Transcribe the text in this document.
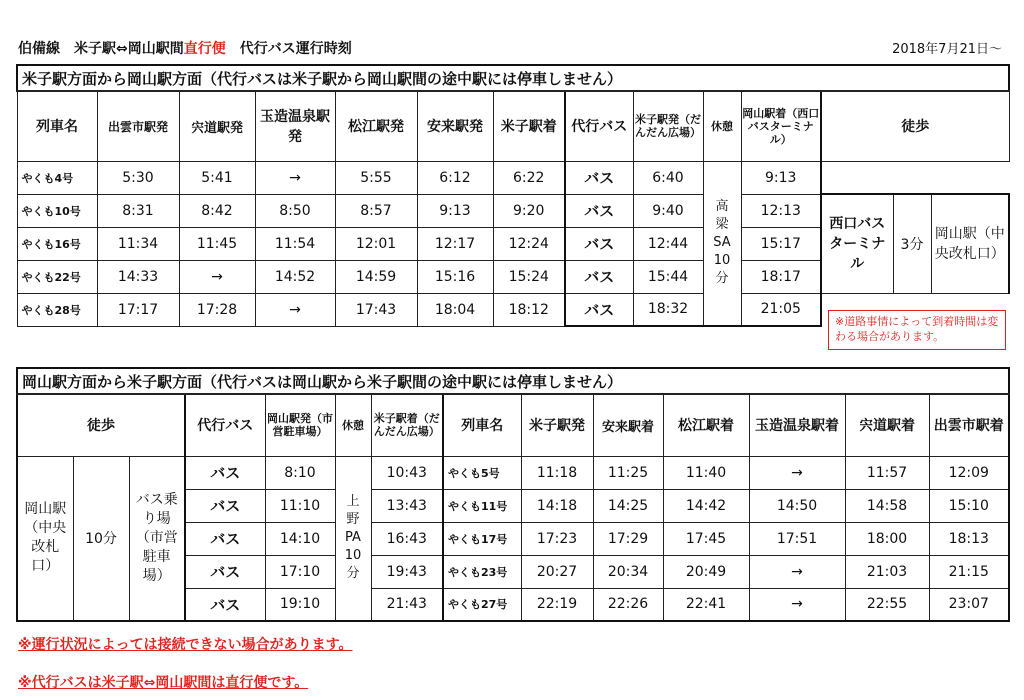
伯備線　米子駅⇔岡山駅間直行便　代行バス運行時刻	2018年7月21日～
米子駅方面から岡山駅方面（代行バスは米子駅から岡山駅間の途中駅には停車しません）													
列車名	出雲市駅発	宍道駅発	玉造温泉駅発	松江駅発	安来駅発	米子駅着	代行バス	米子駅発（だんだん広場）	休憩	岡山駅着（西口バスターミナル）	徒歩		
やくも4号	5:30	5:41	→	5:55	6:12	6:22	バス	6:40	高梁SA　10分	9:13			
やくも10号	8:31	8:42	8:50	8:57	9:13	9:20	バス	9:40		12:13	西口バスターミナル	3分	岡山駅（中央改札口）

やくも16号	11:34	11:45	11:54	12:01	12:17	12:24	バス	12:44		15:17			
やくも22号	14:33	→	14:52	14:59	15:16	15:24	バス	15:44		18:17			
やくも28号	17:17	17:28	→	17:43	18:04	18:12	バス	18:32		21:05			
※道路事情によって到着時間は変わる場合があります。
岡山駅方面から米子駅方面（代行バスは岡山駅から米子駅間の途中駅には停車しません）													
徒歩			代行バス	岡山駅発（市営駐車場）	休憩	米子駅着（だんだん広場）	列車名	米子駅発	安来駅着	松江駅着	玉造温泉駅着	宍道駅着	出雲市駅着

岡山駅（中央改札口）	10分	バス乗り場（市営駐車場）	バス	8:10	上野PA　10分	10:43	やくも5号	11:18	11:25	11:40	→	11:57	12:09
			バス	11:10		13:43	やくも11号	14:18	14:25	14:42	14:50	14:58	15:10
			バス	14:10		16:43	やくも17号	17:23	17:29	17:45	17:51	18:00	18:13
			バス	17:10		19:43	やくも23号	20:27	20:34	20:49	→	21:03	21:15
			バス	19:10		21:43	やくも27号	22:19	22:26	22:41	→	22:55	23:07
※運行状況によっては接続できない場合があります。
※代行バスは米子駅⇔岡山駅間は直行便です。
